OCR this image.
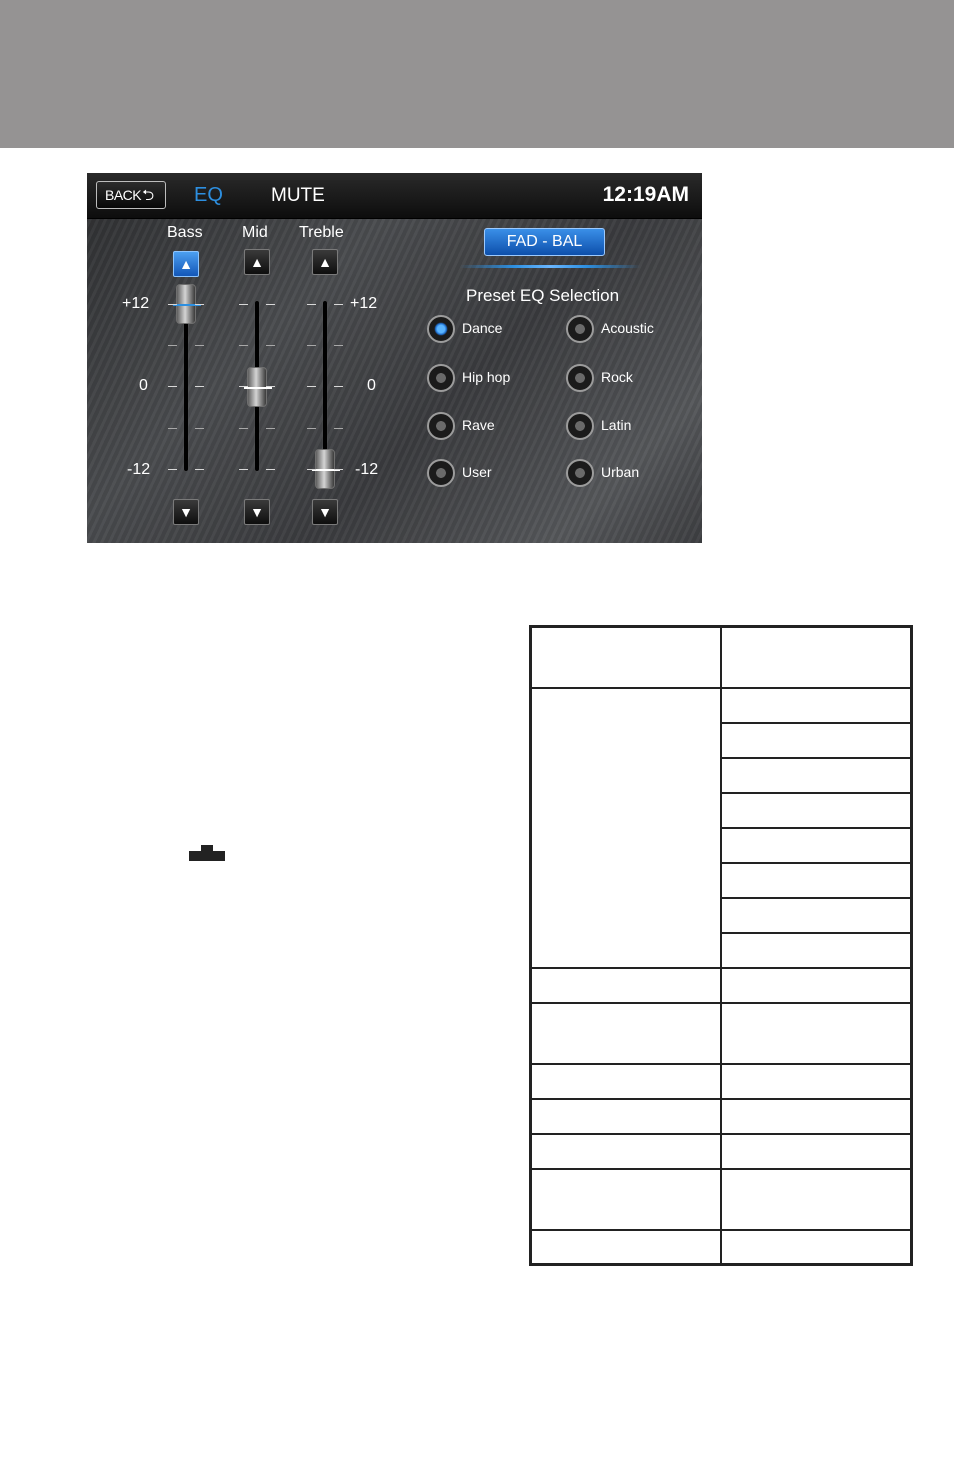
BACK⮌	EQ	MUTE	12:19AM
Bass Mid Treble
▲	▲	▲
+12
0
-12
+12
0
-12
▼	▼	▼
FAD - BAL
Preset EQ Selection
Dance	Acoustic
Hip hop	Rock
Rave	Latin
User	Urban
